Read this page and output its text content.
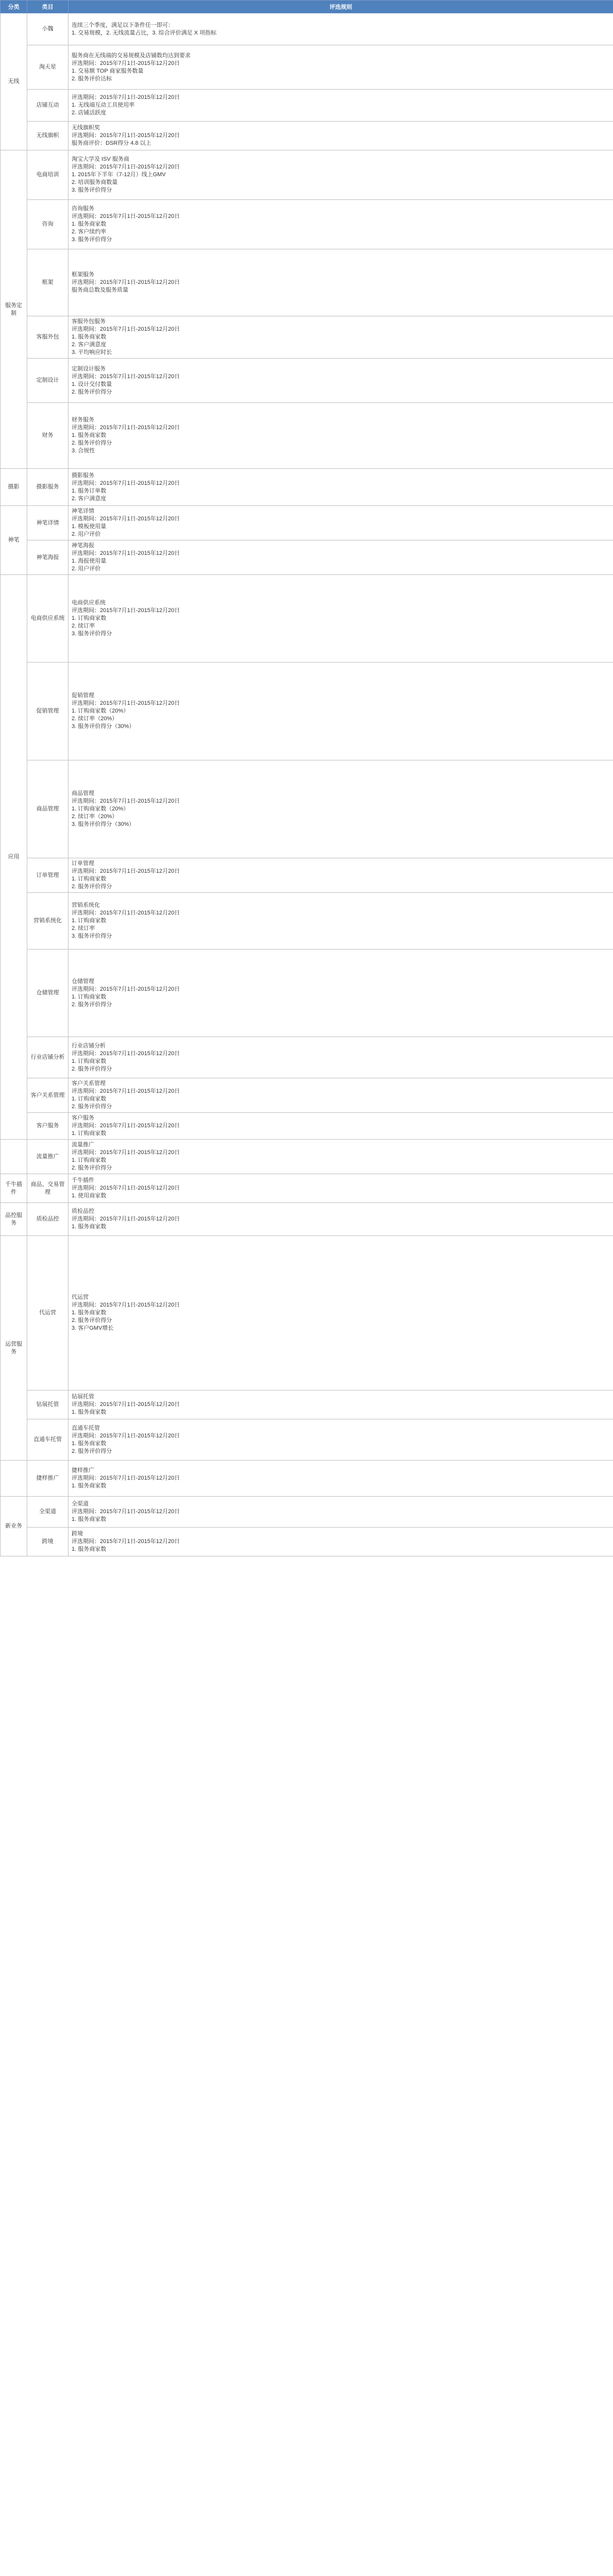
分类	类目	评选规则
无线	小魏	连续三个季度，满足以下条件任一即可：
1. 交易规模，2. 无线流量占比，3. 综合评价满足 X 项指标

	淘天星	服务商在无线端的交易规模及店铺数均达到要求
评选期间：2015年7月1日-2015年12月20日
1. 交易额 TOP 商家服务数量
2. 服务评价达标

	店铺互动	评选期间：2015年7月1日-2015年12月20日
1. 无线端互动工具使用率
2. 店铺活跃度

	无线旗帜	无线旗帜奖
评选期间：2015年7月1日-2015年12月20日
服务商评价：DSR得分 4.8 以上

服务定制	电商培训	淘宝大学及 ISV 服务商
评选期间：2015年7月1日-2015年12月20日
1. 2015年下半年（7-12月）线上GMV
2. 培训服务商数量
3. 服务评价得分

	咨询	咨询服务
评选期间：2015年7月1日-2015年12月20日
1. 服务商家数
2. 客户续约率
3. 服务评价得分

	框架	框架服务
评选期间：2015年7月1日-2015年12月20日
服务商总数及服务质量

	客服外包	客服外包服务
评选期间：2015年7月1日-2015年12月20日
1. 服务商家数
2. 客户满意度
3. 平均响应时长

	定制设计	定制设计服务
评选期间：2015年7月1日-2015年12月20日
1. 设计交付数量
2. 服务评价得分

	财务	财务服务
评选期间：2015年7月1日-2015年12月20日
1. 服务商家数
2. 服务评价得分
3. 合规性

摄影	摄影服务	摄影服务
评选期间：2015年7月1日-2015年12月20日
1. 服务订单数
2. 客户满意度

神笔	神笔详情	神笔详情
评选期间：2015年7月1日-2015年12月20日
1. 模板使用量
2. 用户评价

	神笔海报	神笔海报
评选期间：2015年7月1日-2015年12月20日
1. 海报使用量
2. 用户评价

应用	电商供应系统	电商供应系统
评选期间：2015年7月1日-2015年12月20日
1. 订购商家数
2. 续订率
3. 服务评价得分

	促销管理	促销管理
评选期间：2015年7月1日-2015年12月20日
1. 订购商家数（20%）
2. 续订率（20%）
3. 服务评价得分（30%）

	商品管理	商品管理
评选期间：2015年7月1日-2015年12月20日
1. 订购商家数（20%）
2. 续订率（20%）
3. 服务评价得分（30%）

	订单管理	订单管理
评选期间：2015年7月1日-2015年12月20日
1. 订购商家数
2. 服务评价得分

	营销系统化	营销系统化
评选期间：2015年7月1日-2015年12月20日
1. 订购商家数
2. 续订率
3. 服务评价得分

	仓储管理	仓储管理
评选期间：2015年7月1日-2015年12月20日
1. 订购商家数
2. 服务评价得分

	行业店铺分析	行业店铺分析
评选期间：2015年7月1日-2015年12月20日
1. 订购商家数
2. 服务评价得分

	客户关系管理	客户关系管理
评选期间：2015年7月1日-2015年12月20日
1. 订购商家数
2. 服务评价得分

	客户服务	客户服务
评选期间：2015年7月1日-2015年12月20日
1. 订购商家数

	流量推广	流量推广
评选期间：2015年7月1日-2015年12月20日
1. 订购商家数
2. 服务评价得分

千牛插件	商品、交易管理	千牛插件
评选期间：2015年7月1日-2015年12月20日
1. 使用商家数

品控服务	质检品控	质检品控
评选期间：2015年7月1日-2015年12月20日
1. 服务商家数

运营服务	代运营	代运营
评选期间：2015年7月1日-2015年12月20日
1. 服务商家数
2. 服务评价得分
3. 客户GMV增长

	钻展托管	钻展托管
评选期间：2015年7月1日-2015年12月20日
1. 服务商家数

	直通车托管	直通车托管
评选期间：2015年7月1日-2015年12月20日
1. 服务商家数
2. 服务评价得分

	捷样推广	捷样推广
评选期间：2015年7月1日-2015年12月20日
1. 服务商家数

新业务	全渠道	全渠道
评选期间：2015年7月1日-2015年12月20日
1. 服务商家数

	跨境	跨境
评选期间：2015年7月1日-2015年12月20日
1. 服务商家数
